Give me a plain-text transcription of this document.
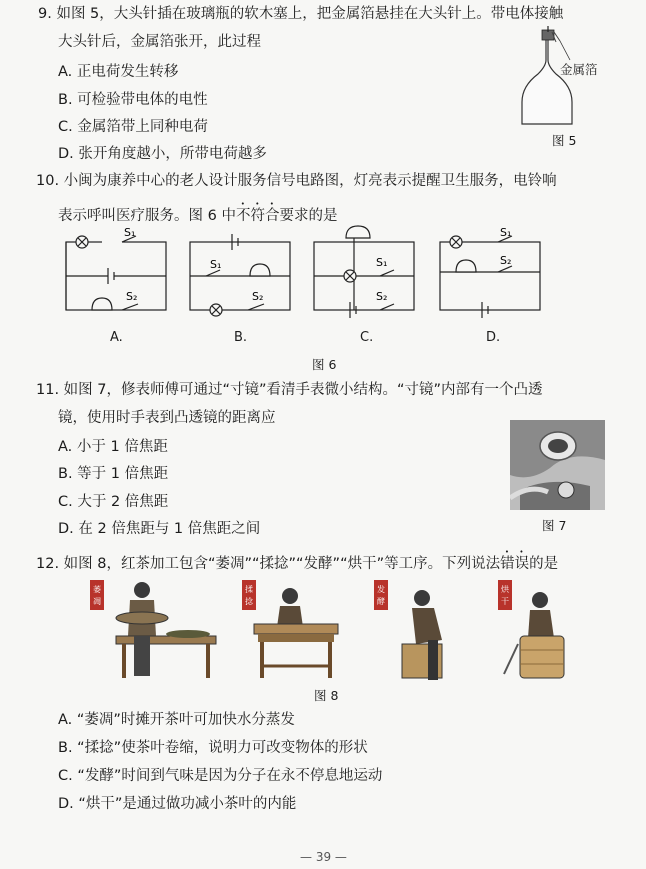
9. 如图 5，大头针插在玻璃瓶的软木塞上，把金属箔悬挂在大头针上。带电体接触
大头针后，金属箔张开，此过程
A. 正电荷发生转移
B. 可检验带电体的电性
C. 金属箔带上同种电荷
D. 张开角度越小，所带电荷越多
金属箔
图 5
10. 小闽为康养中心的老人设计服务信号电路图，灯亮表示提醒卫生服务，电铃响
表示呼叫医疗服务。图 6 中不符合要求的是
S₁
S₂
S₁
S₂
S₁
S₂
S₁
S₂
A.	B.	C.	D.
图 6
11. 如图 7，修表师傅可通过“寸镜”看清手表微小结构。“寸镜”内部有一个凸透
镜，使用时手表到凸透镜的距离应
A. 小于 1 倍焦距
B. 等于 1 倍焦距
C. 大于 2 倍焦距
D. 在 2 倍焦距与 1 倍焦距之间	图 7
12. 如图 8，红茶加工包含“萎凋”“揉捻”“发酵”“烘干”等工序。下列说法错误的是
萎
凋
揉
捻
发
酵
烘
干
图 8
A. “萎凋”时摊开茶叶可加快水分蒸发
B. “揉捻”使茶叶卷缩，说明力可改变物体的形状
C. “发酵”时间到气味是因为分子在永不停息地运动
D. “烘干”是通过做功减小茶叶的内能
— 39 —
